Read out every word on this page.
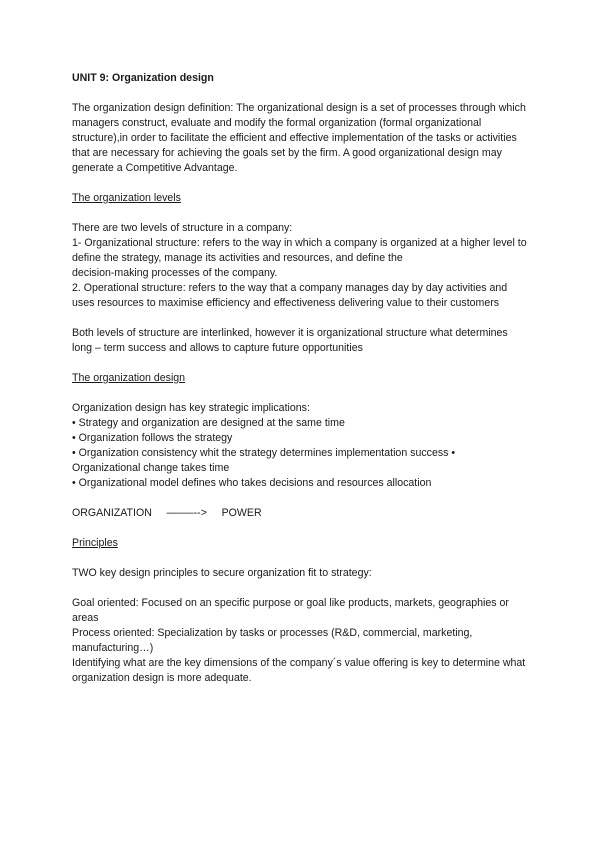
UNIT 9: Organization design

The organization design definition: The organizational design is a set of processes through which managers construct, evaluate and modify the formal organization (formal organizational structure),in order to facilitate the efficient and effective implementation of the tasks or activities that are necessary for achieving the goals set by the firm. A good organizational design may generate a Competitive Advantage.

The organization levels

There are two levels of structure in a company:

1- Organizational structure: refers to the way in which a company is organized at a higher level to define the strategy, manage its activities and resources, and define the

decision-making processes of the company.

2. Operational structure: refers to the way that a company manages day by day activities and uses resources to maximise efficiency and effectiveness delivering value to their customers

Both levels of structure are interlinked, however it is organizational structure what determines long – term success and allows to capture future opportunities

The organization design

Organization design has key strategic implications:

• Strategy and organization are designed at the same time

• Organization follows the strategy

• Organization consistency whit the strategy determines implementation success •

Organizational change takes time

• Organizational model defines who takes decisions and resources allocation

ORGANIZATION     ——–-->     POWER

Principles

TWO key design principles to secure organization fit to strategy:

Goal oriented: Focused on an specific purpose or goal like products, markets, geographies or areas

Process oriented: Specialization by tasks or processes (R&D, commercial, marketing, manufacturing…)

Identifying what are the key dimensions of the company´s value offering is key to determine what organization design is more adequate.
